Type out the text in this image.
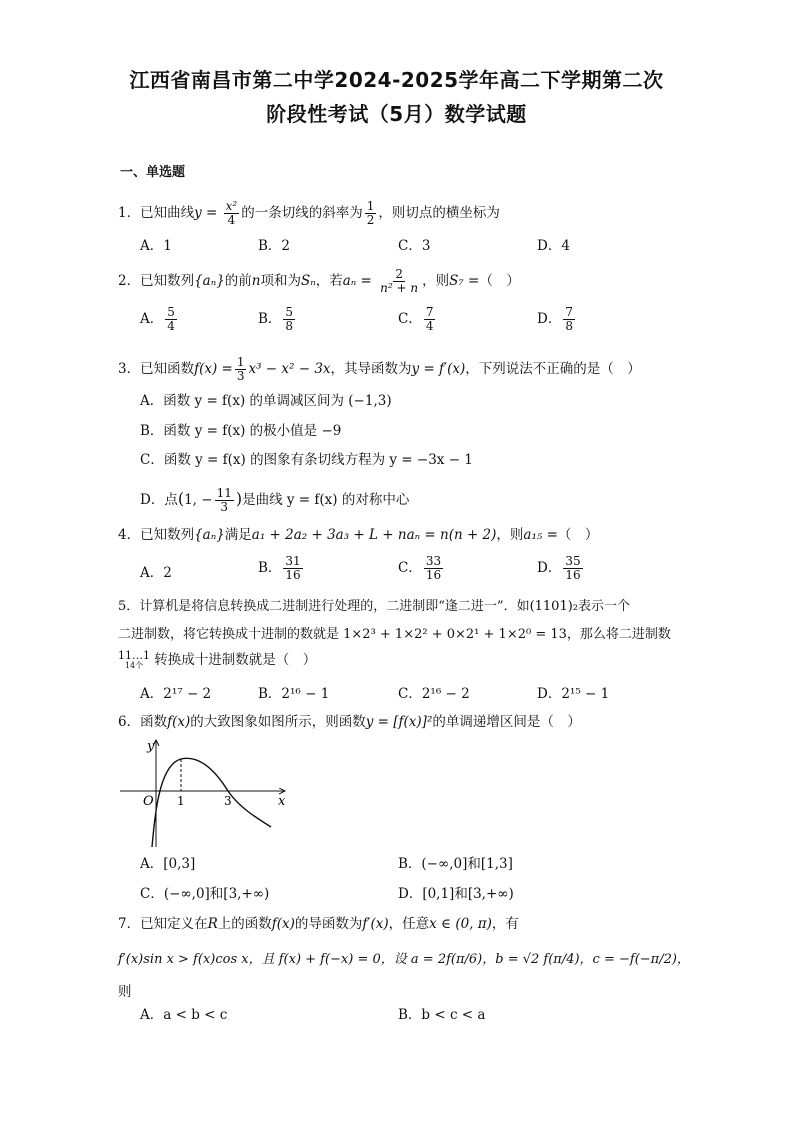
江西省南昌市第二中学2024-2025学年高二下学期第二次
阶段性考试（5月）数学试题
一、单选题
1．已知曲线$y = \frac{\text{x²}}{4}$ 的一条切线的斜率为 $\frac{1}{2}$ ，则切点的横坐标为
A．1	B．2	C．3	D．4
2．已知数列{aₙ}的前n项和为Sₙ，若$a_n = \frac{2}{\text{n² + n}}$ ，则S₇ =（　）
A． $\frac{5}{4}$	B． $\frac{5}{8}$	C． $\frac{7}{4}$	D． $\frac{7}{8}$
3．已知函数$f(x) = \frac{1}{3} x^3 - x^2 - 3x$，其导函数为y = f′(x)，下列说法不正确的是（　）
A．函数 y = f(x) 的单调减区间为 (−1,3)
B．函数 y = f(x) 的极小值是 −9
C．函数 y = f(x) 的图象有条切线方程为 y = −3x − 1
D．点(1, − $\frac{11}{3}$ )是曲线 y = f(x) 的对称中心
4．已知数列{aₙ}满足a₁ + 2a₂ + 3a₃ + L + naₙ = n(n + 2)，则a₁₅ =（　）
A．2	B． $\frac{31}{16}$	C． $\frac{33}{16}$	D． $\frac{35}{16}$
5．计算机是将信息转换成二进制进行处理的，二进制即“逢二进一”．如(1101)₂表示一个
二进制数，将它转换成十进制的数就是 1×2³ + 1×2² + 0×2¹ + 1×2⁰ = 13，那么将二进制数
11…1
14个 转换成十进制数就是（　）
A．2¹⁷ − 2	B．2¹⁶ − 1	C．2¹⁶ − 2	D．2¹⁵ − 1
6．函数f(x)的大致图象如图所示，则函数y = [f(x)]²的单调递增区间是（　）
y
x
O 1	3
A．[0,3]	B．(−∞,0]和[1,3]
C．(−∞,0]和[3,+∞)	D．[0,1]和[3,+∞)
7．已知定义在R上的函数f(x)的导函数为f′(x)，任意x ∈ (0, π)，有
f′(x)sin x > f(x)cos x，且 f(x) + f(−x) = 0，设 a = 2f(π/6)，b = √2 f(π/4)，c = −f(−π/2)，
则
A．a < b < c	B．b < c < a
